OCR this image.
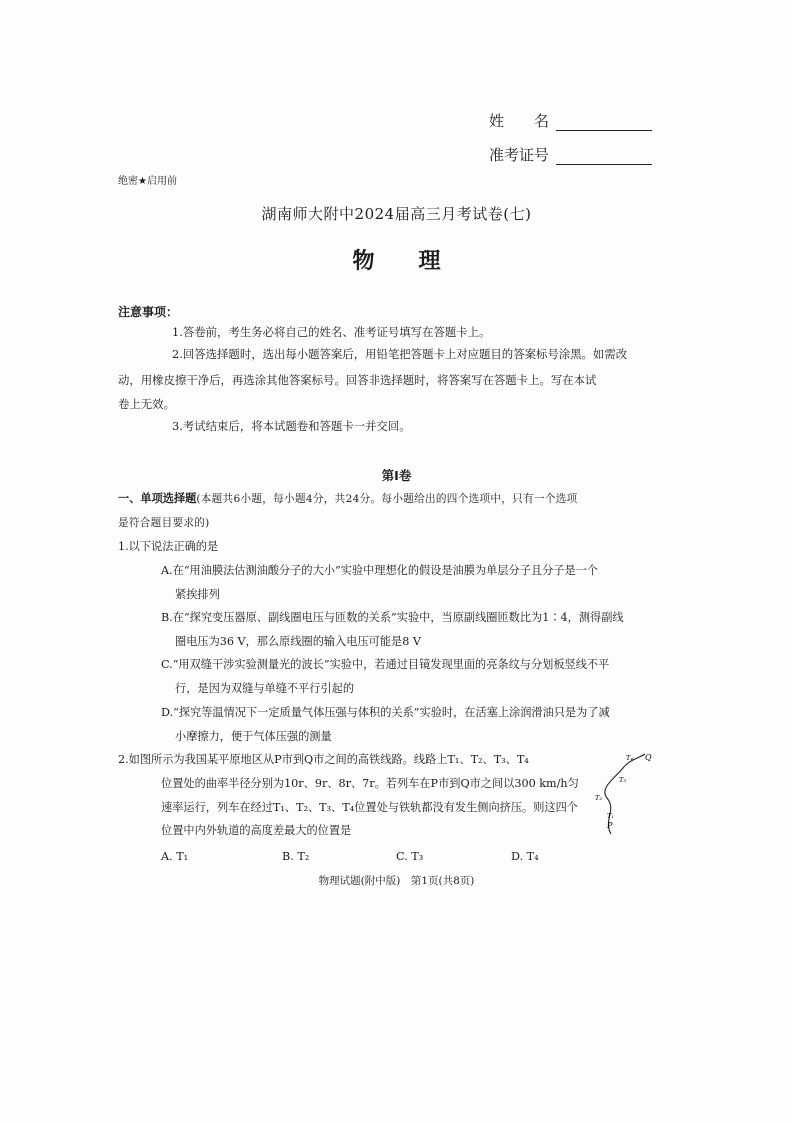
姓　　名
准考证号
绝密★启用前
湖南师大附中2024届高三月考试卷(七)
物　　理
注意事项：
1.答卷前，考生务必将自己的姓名、准考证号填写在答题卡上。
2.回答选择题时，选出每小题答案后，用铅笔把答题卡上对应题目的答案标号涂黑。如需改
动，用橡皮擦干净后，再选涂其他答案标号。回答非选择题时，将答案写在答题卡上。写在本试
卷上无效。
3.考试结束后，将本试题卷和答题卡一并交回。
第Ⅰ卷
一、单项选择题(本题共6小题，每小题4分，共24分。每小题给出的四个选项中，只有一个选项
是符合题目要求的)
1.以下说法正确的是
A.在“用油膜法估测油酸分子的大小”实验中理想化的假设是油膜为单层分子且分子是一个
紧挨排列
B.在“探究变压器原、副线圈电压与匝数的关系”实验中，当原副线圈匝数比为1∶4，测得副线
圈电压为36 V，那么原线圈的输入电压可能是8 V
C.“用双缝干涉实验测量光的波长”实验中，若通过目镜发现里面的亮条纹与分划板竖线不平
行，是因为双缝与单缝不平行引起的
D.“探究等温情况下一定质量气体压强与体积的关系”实验时，在活塞上涂润滑油只是为了减
小摩擦力，便于气体压强的测量
2.如图所示为我国某平原地区从P市到Q市之间的高铁线路。线路上T₁、T₂、T₃、T₄
位置处的曲率半径分别为10r、9r、8r、7r。若列车在P市到Q市之间以300 km/h匀
速率运行，列车在经过T₁、T₂、T₃、T₄位置处与铁轨都没有发生侧向挤压。则这四个
位置中内外轨道的高度差最大的位置是
A. T₁	B. T₂	C. T₃	D. T₄
Q
T₄
T₃
T₂
T₁
P
物理试题(附中版)　第1页(共8页)
